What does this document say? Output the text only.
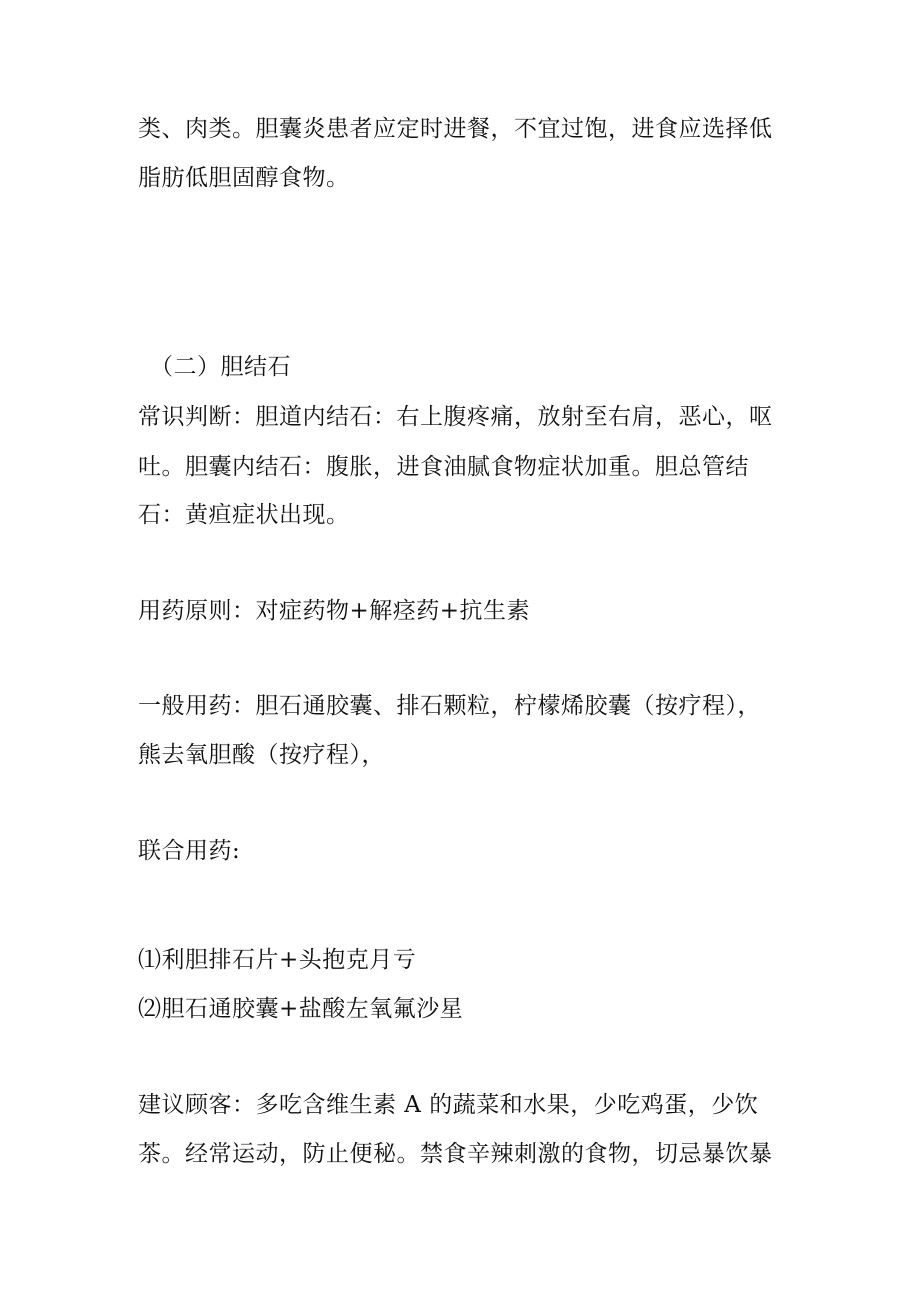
类、肉类。胆囊炎患者应定时进餐，不宜过饱，进食应选择低
脂肪低胆固醇食物。
（二）胆结石
常识判断：胆道内结石：右上腹疼痛，放射至右肩，恶心，呕
吐。胆囊内结石：腹胀，进食油腻食物症状加重。胆总管结
石：黄疸症状出现。
用药原则：对症药物+解痉药+抗生素
一般用药：胆石通胶囊、排石颗粒，柠檬烯胶囊（按疗程），
熊去氧胆酸（按疗程），
联合用药:
⑴利胆排石片+头抱克月亏
⑵胆石通胶囊+盐酸左氧氟沙星
建议顾客：多吃含维生素 A 的蔬菜和水果，少吃鸡蛋，少饮
茶。经常运动，防止便秘。禁食辛辣刺激的食物，切忌暴饮暴
